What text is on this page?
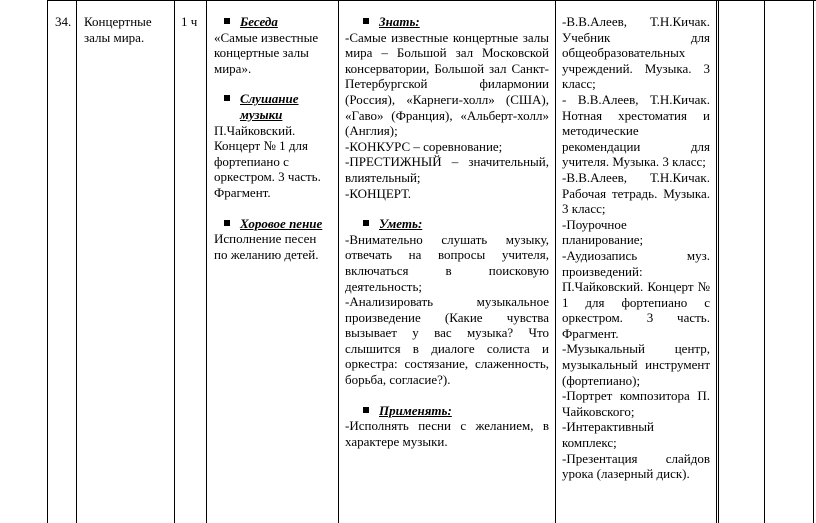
34. Концертные залы мира.
1 ч	Беседа

«Самые известные концертные залы мира».

Слушание музыки

П.Чайковский. Концерт № 1 для фортепиано с оркестром. 3 часть. Фрагмент.

Хоровое пение

Исполнение песен по желанию детей.

Знать:

-Самые известные концертные залы мира – Большой зал Московской консерватории, Большой зал Санкт-Петербургской филармонии (Россия), «Карнеги-холл» (США), «Гаво» (Франция), «Альберт-холл» (Англия);

-КОНКУРС – соревнование;

-ПРЕСТИЖНЫЙ – значительный, влиятельный;

-КОНЦЕРТ.

Уметь:

-Внимательно слушать музыку, отвечать на вопросы учителя, включаться в поисковую деятельность;

-Анализировать музыкальное произведение (Какие чувства вызывает у вас музыка? Что слышится в диалоге солиста и оркестра: состязание, слаженность, борьба, согласие?).

Применять:

-Исполнять песни с желанием, в характере музыки.

-В.В.Алеев, Т.Н.Кичак. Учебник для общеобразовательных учреждений. Музыка. 3 класс;

- В.В.Алеев, Т.Н.Кичак. Нотная хрестоматия и методические рекомендации для учителя. Музыка. 3 класс;

-В.В.Алеев, Т.Н.Кичак. Рабочая тетрадь. Музыка. 3 класс;

-Поурочное планирование;

-Аудиозапись муз. произведений:

П.Чайковский. Концерт № 1 для фортепиано с оркестром. 3 часть. Фрагмент.

-Музыкальный центр, музыкальный инструмент (фортепиано);

-Портрет композитора П. Чайковского;

-Интерактивный комплекс;

-Презентация слайдов урока (лазерный диск).
